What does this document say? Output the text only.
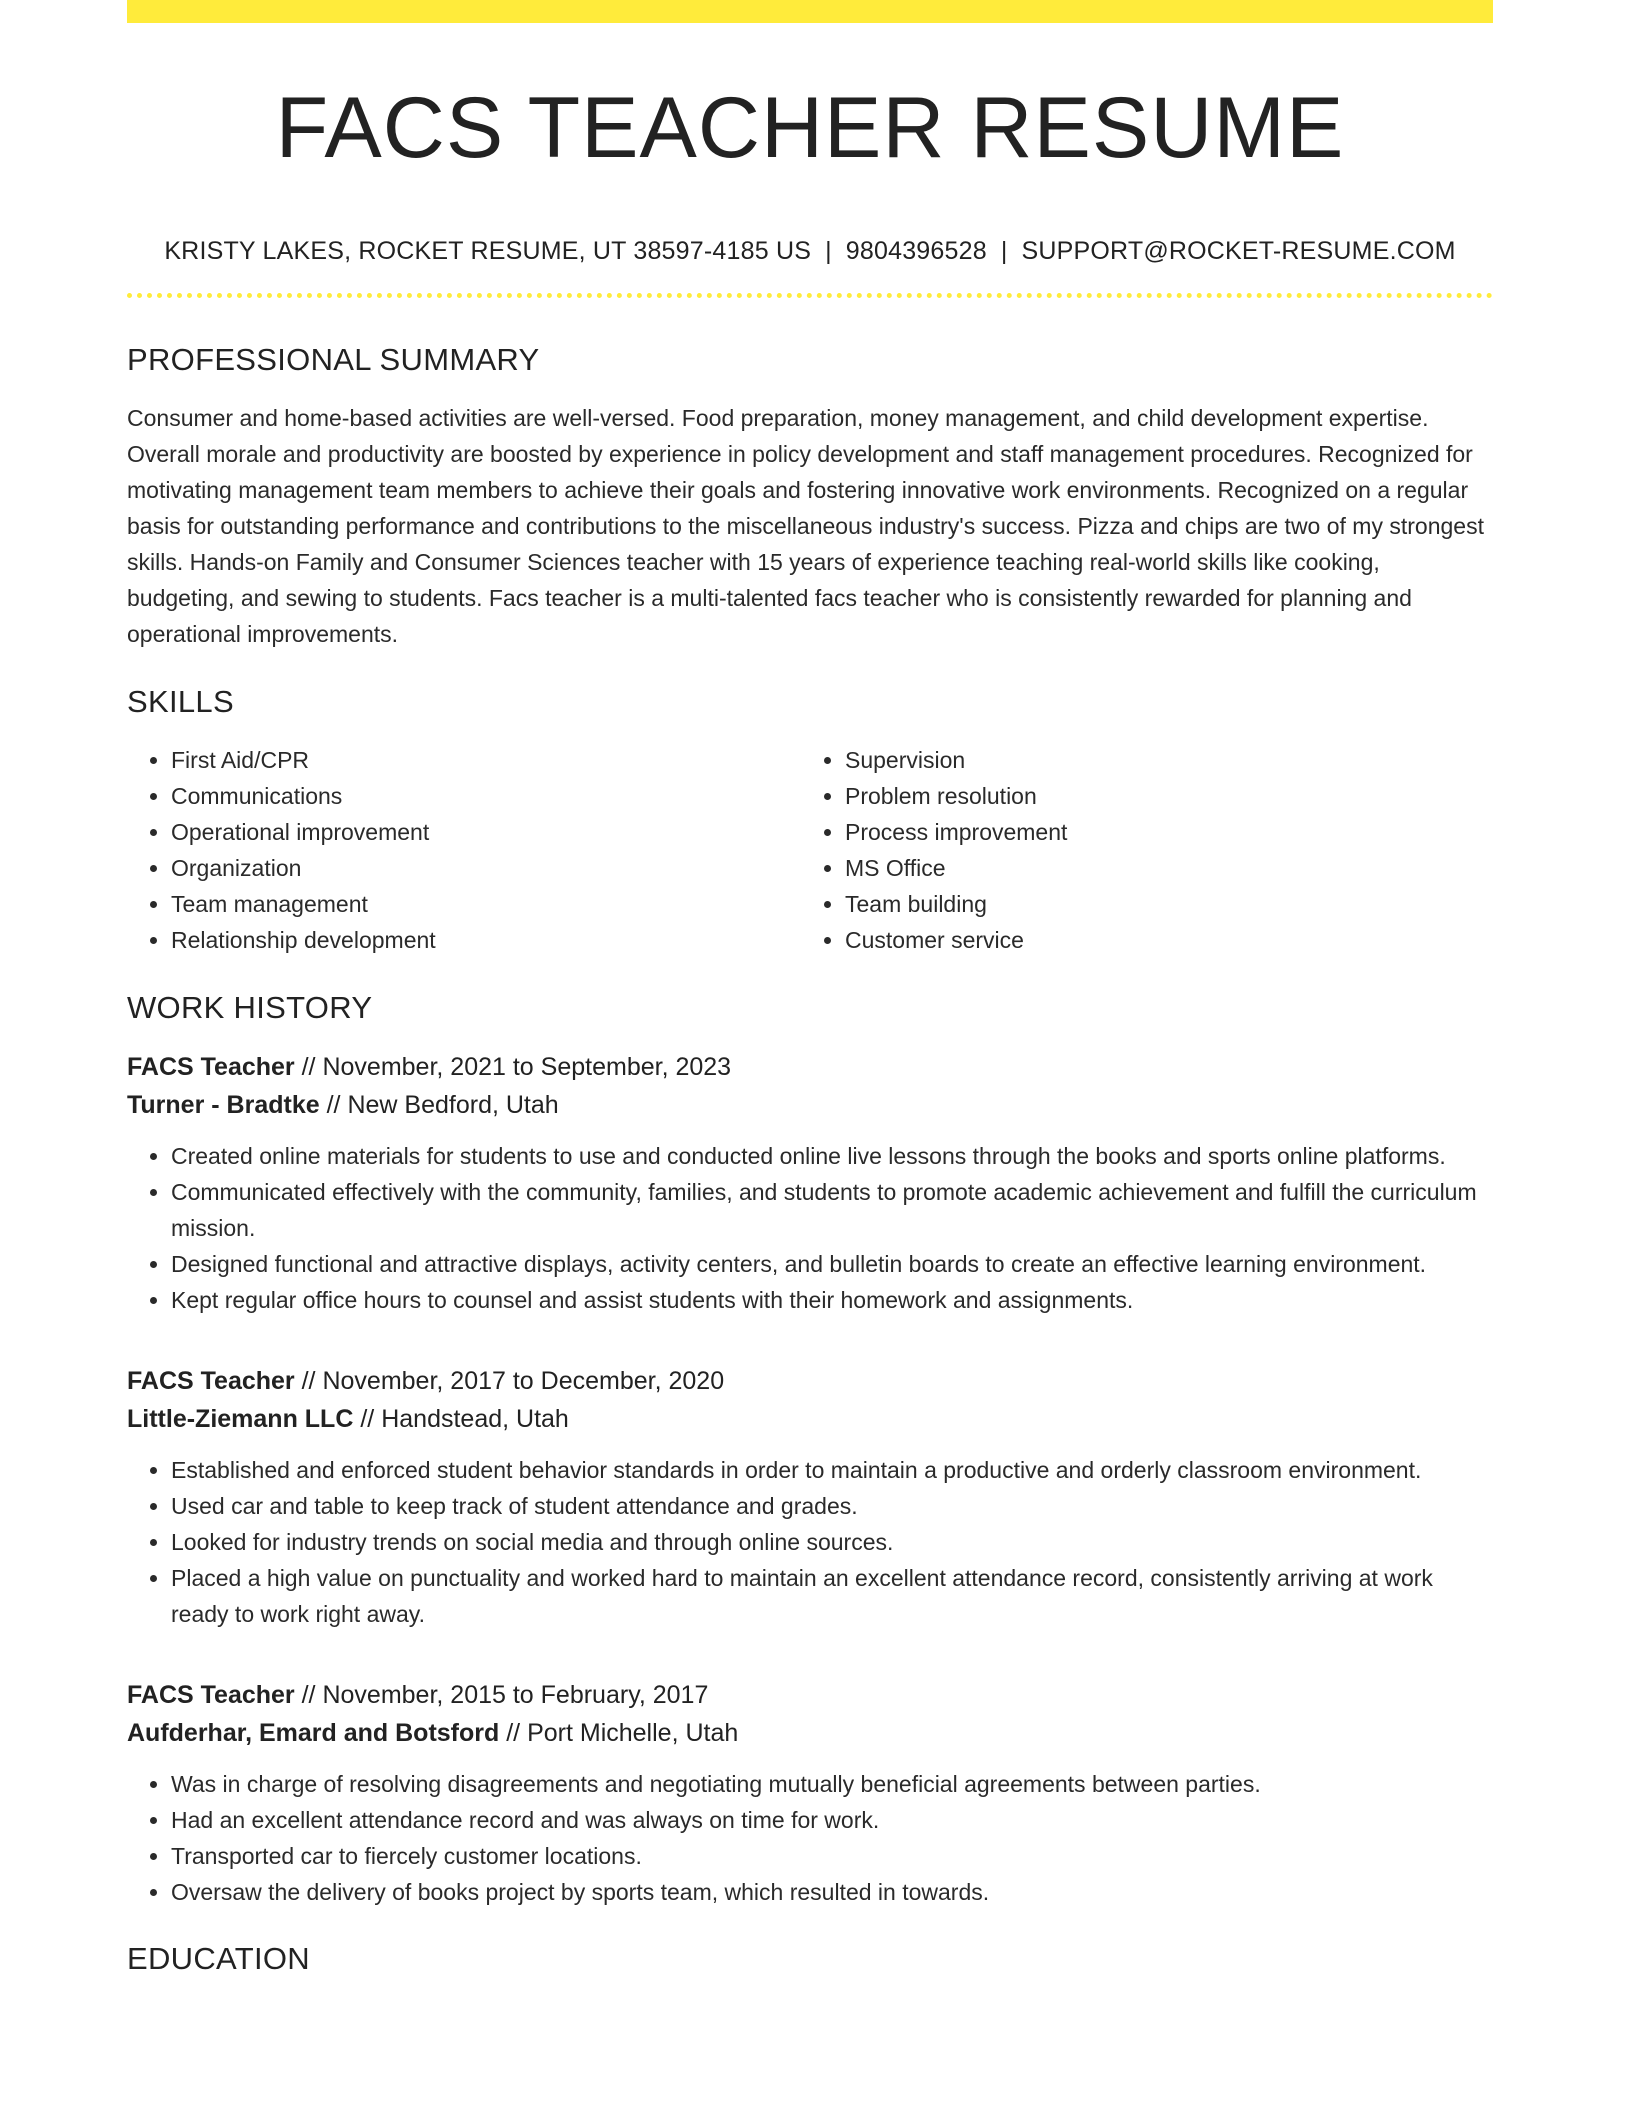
FACS TEACHER RESUME
KRISTY LAKES, ROCKET RESUME, UT 38597-4185 US | 9804396528 | SUPPORT@ROCKET-RESUME.COM
PROFESSIONAL SUMMARY
Consumer and home-based activities are well-versed. Food preparation, money management, and child development expertise. Overall morale and productivity are boosted by experience in policy development and staff management procedures. Recognized for motivating management team members to achieve their goals and fostering innovative work environments. Recognized on a regular basis for outstanding performance and contributions to the miscellaneous industry's success. Pizza and chips are two of my strongest skills. Hands-on Family and Consumer Sciences teacher with 15 years of experience teaching real-world skills like cooking, budgeting, and sewing to students. Facs teacher is a multi-talented facs teacher who is consistently rewarded for planning and operational improvements.
SKILLS
• First Aid/CPR
• Communications
• Operational improvement
• Organization
• Team management
• Relationship development
• Supervision
• Problem resolution
• Process improvement
• MS Office
• Team building
• Customer service
WORK HISTORY
FACS Teacher // November, 2021 to September, 2023
Turner - Bradtke // New Bedford, Utah
• Created online materials for students to use and conducted online live lessons through the books and sports online platforms.
• Communicated effectively with the community, families, and students to promote academic achievement and fulfill the curriculum mission.
• Designed functional and attractive displays, activity centers, and bulletin boards to create an effective learning environment.
• Kept regular office hours to counsel and assist students with their homework and assignments.
FACS Teacher // November, 2017 to December, 2020
Little-Ziemann LLC // Handstead, Utah
• Established and enforced student behavior standards in order to maintain a productive and orderly classroom environment.
• Used car and table to keep track of student attendance and grades.
• Looked for industry trends on social media and through online sources.
• Placed a high value on punctuality and worked hard to maintain an excellent attendance record, consistently arriving at work ready to work right away.
FACS Teacher // November, 2015 to February, 2017
Aufderhar, Emard and Botsford // Port Michelle, Utah
• Was in charge of resolving disagreements and negotiating mutually beneficial agreements between parties.
• Had an excellent attendance record and was always on time for work.
• Transported car to fiercely customer locations.
• Oversaw the delivery of books project by sports team, which resulted in towards.
EDUCATION
